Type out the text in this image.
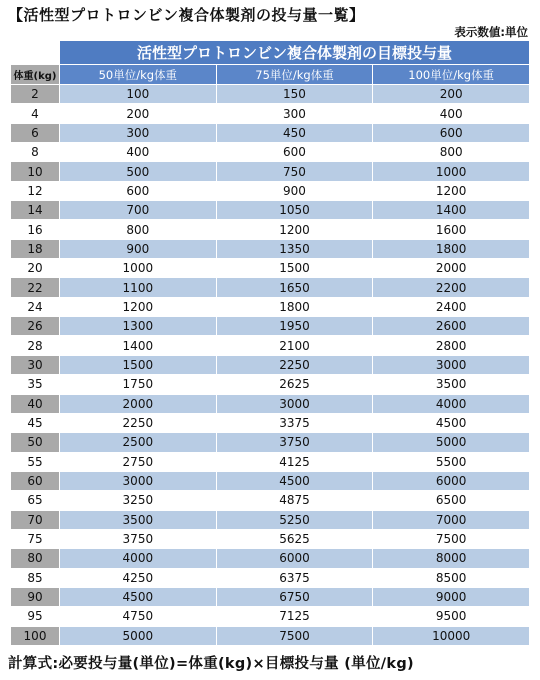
【活性型プロトロンビン複合体製剤の投与量一覧】
表示数値:単位
	活性型プロトロンビン複合体製剤の目標投与量		
体重(kg)	50単位/kg体重	75単位/kg体重	100単位/kg体重
2	100	150	200
4	200	300	400
6	300	450	600
8	400	600	800
10	500	750	1000
12	600	900	1200
14	700	1050	1400
16	800	1200	1600
18	900	1350	1800
20	1000	1500	2000
22	1100	1650	2200
24	1200	1800	2400
26	1300	1950	2600
28	1400	2100	2800
30	1500	2250	3000
35	1750	2625	3500
40	2000	3000	4000
45	2250	3375	4500
50	2500	3750	5000
55	2750	4125	5500
60	3000	4500	6000
65	3250	4875	6500
70	3500	5250	7000
75	3750	5625	7500
80	4000	6000	8000
85	4250	6375	8500
90	4500	6750	9000
95	4750	7125	9500
100	5000	7500	10000
計算式:必要投与量(単位)=体重(kg)×目標投与量 (単位/kg)
